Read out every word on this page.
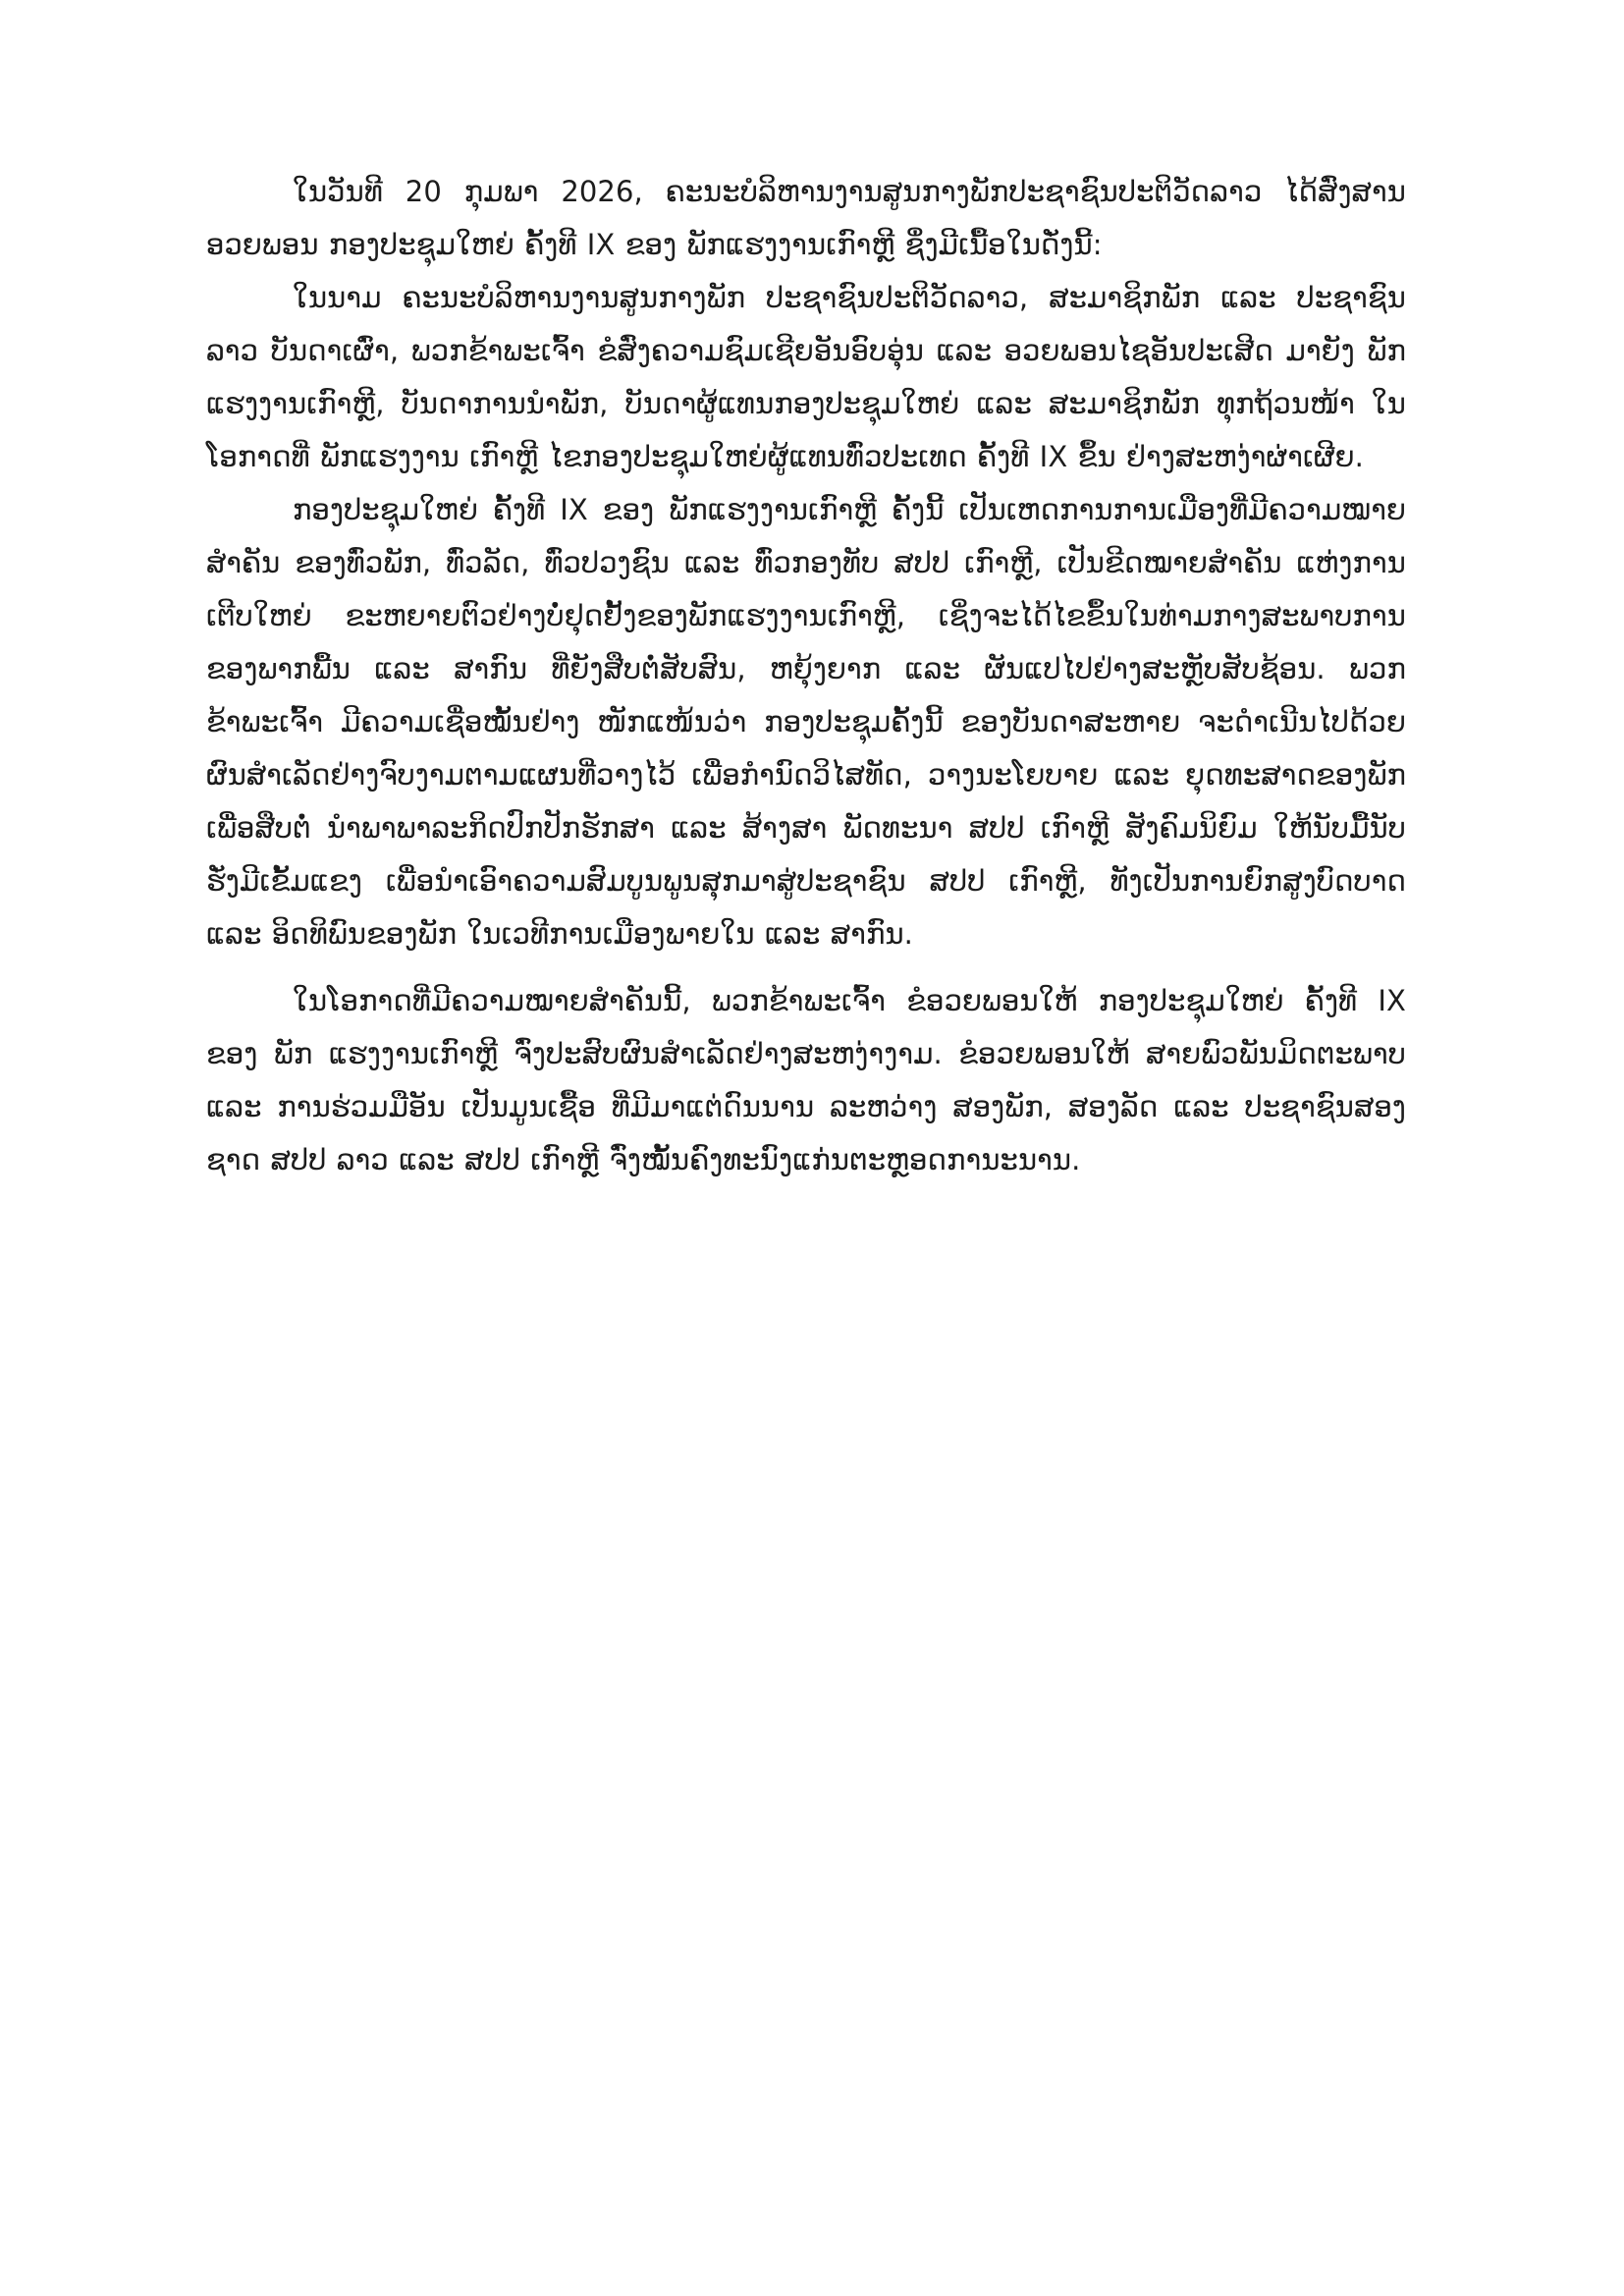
ໃນວັນທີ 20 ກຸມພາ 2026, ຄະນະບໍລິຫານງານສູນກາງພັກປະຊາຊົນປະຕິວັດລາວ ໄດ້ສົ່ງສານອວຍພອນ ກອງປະຊຸມໃຫຍ່ ຄັ້ງທີ IX ຂອງ ພັກແຮງງານເກົາຫຼີ ຊຶ່ງມີເນື້ອໃນດັ່ງນີ້:

ໃນນາມ ຄະນະບໍລິຫານງານສູນກາງພັກ ປະຊາຊົນປະຕິວັດລາວ, ສະມາຊິກພັກ ແລະ ປະຊາຊົນລາວ ບັນດາເຜົ່າ, ພວກຂ້າພະເຈົ້າ ຂໍສົ່ງຄວາມຊົມເຊີຍອັນອົບອຸ່ນ ແລະ ອວຍພອນໄຊອັນປະເສີດ ມາຍັງ ພັກແຮງງານເກົາຫຼີ, ບັນດາການນຳພັກ, ບັນດາຜູ້ແທນກອງປະຊຸມໃຫຍ່ ແລະ ສະມາຊິກພັກ ທຸກຖ້ວນໜ້າ ໃນໂອກາດທີ່ ພັກແຮງງານ ເກົາຫຼີ ໄຂກອງປະຊຸມໃຫຍ່ຜູ້ແທນທົ່ວປະເທດ ຄັ້ງທີ IX ຂຶ້ນ ຢ່າງສະຫງ່າຜ່າເຜີຍ.

ກອງປະຊຸມໃຫຍ່ ຄັ້ງທີ IX ຂອງ ພັກແຮງງານເກົາຫຼີ ຄັ້ງນີ້ ເປັນເຫດການການເມືອງທີ່ມີຄວາມໝາຍສຳຄັນ ຂອງທົ່ວພັກ, ທົ່ວລັດ, ທົ່ວປວງຊົນ ແລະ ທົ່ວກອງທັບ ສປປ ເກົາຫຼີ, ເປັນຂີດໝາຍສຳຄັນ ແຫ່ງການເຕີບໃຫຍ່ ຂະຫຍາຍຕົວຢ່າງບໍ່ຢຸດຢັ້ງຂອງພັກແຮງງານເກົາຫຼີ, ເຊິ່ງຈະໄດ້ໄຂຂຶ້ນໃນທ່າມກາງສະພາບການຂອງພາກພື້ນ ແລະ ສາກົນ ທີ່ຍັງສືບຕໍ່ສັບສົນ, ຫຍຸ້ງຍາກ ແລະ ຜັນແປໄປຢ່າງສະຫຼັບສັບຊ້ອນ. ພວກຂ້າພະເຈົ້າ ມີຄວາມເຊື່ອໝັ້ນຢ່າງ ໜັກແໜ້ນວ່າ ກອງປະຊຸມຄັ້ງນີ້ ຂອງບັນດາສະຫາຍ ຈະດຳເນີນໄປດ້ວຍຜົນສຳເລັດຢ່າງຈົບງາມຕາມແຜນທີ່ວາງໄວ້ ເພື່ອກຳນົດວິໄສທັດ, ວາງນະໂຍບາຍ ແລະ ຍຸດທະສາດຂອງພັກ ເພື່ອສືບຕໍ່ ນຳພາພາລະກິດປົກປັກຮັກສາ ແລະ ສ້າງສາ ພັດທະນາ ສປປ ເກົາຫຼີ ສັງຄົມນິຍົມ ໃຫ້ນັບມື້ນັບຮັ່ງມີເຂັ້ມແຂງ ເພື່ອນຳເອົາຄວາມສົມບູນພູນສຸກມາສູ່ປະຊາຊົນ ສປປ ເກົາຫຼີ, ທັງເປັນການຍົກສູງບົດບາດ ແລະ ອິດທິພົນຂອງພັກ ໃນເວທີການເມືອງພາຍໃນ ແລະ ສາກົນ.

ໃນໂອກາດທີ່ມີຄວາມໝາຍສຳຄັນນີ້, ພວກຂ້າພະເຈົ້າ ຂໍອວຍພອນໃຫ້ ກອງປະຊຸມໃຫຍ່ ຄັ້ງທີ IX ຂອງ ພັກ ແຮງງານເກົາຫຼີ ຈົ່ງປະສົບຜົນສຳເລັດຢ່າງສະຫງ່າງາມ. ຂໍອວຍພອນໃຫ້ ສາຍພົວພັນມິດຕະພາບ ແລະ ການຮ່ວມມືອັນ ເປັນມູນເຊື້ອ ທີ່ມີມາແຕ່ດົນນານ ລະຫວ່າງ ສອງພັກ, ສອງລັດ ແລະ ປະຊາຊົນສອງຊາດ ສປປ ລາວ ແລະ ສປປ ເກົາຫຼີ ຈົ່ງໝັ້ນຄົງທະນົງແກ່ນຕະຫຼອດການະນານ.
